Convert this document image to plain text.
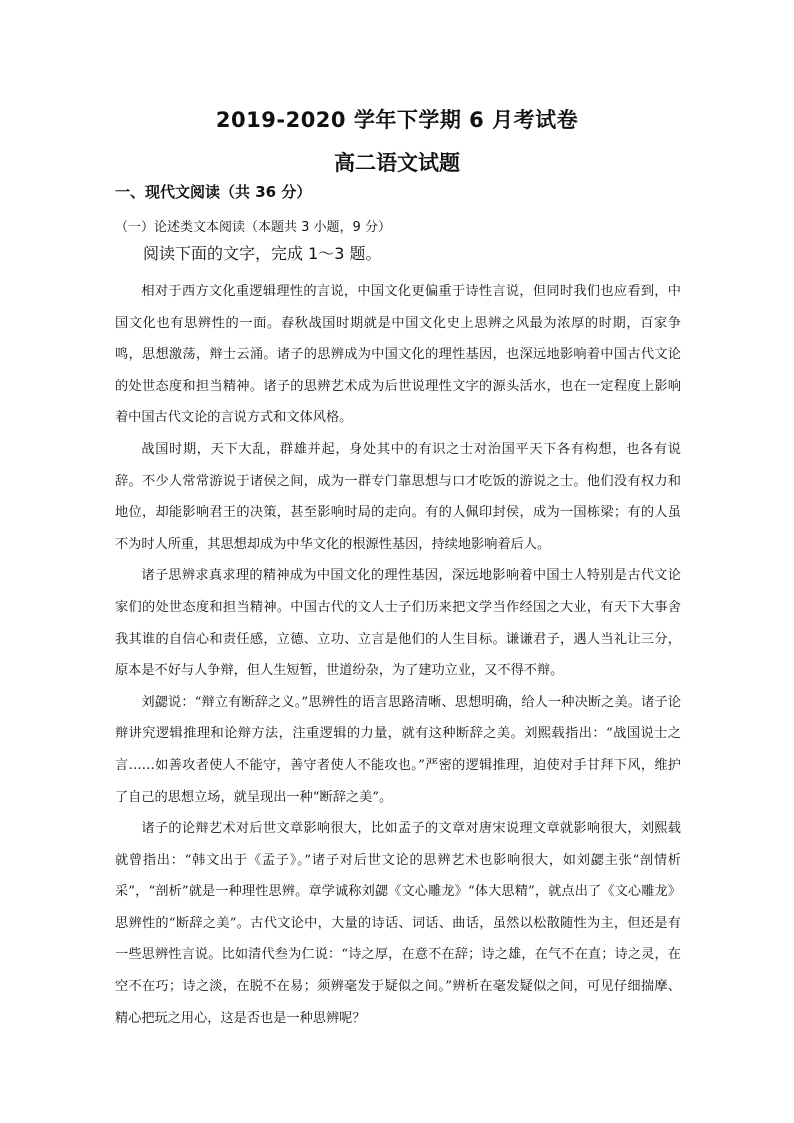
2019-2020 学年下学期 6 月考试卷
高二语文试题
一、现代文阅读（共 36 分）
（一）论述类文本阅读（本题共 3 小题，9 分）
阅读下面的文字，完成 1～3 题。

相对于西方文化重逻辑理性的言说，中国文化更偏重于诗性言说，但同时我们也应看到，中国文化也有思辨性的一面。春秋战国时期就是中国文化史上思辨之风最为浓厚的时期，百家争鸣，思想激荡，辩士云涌。诸子的思辨成为中国文化的理性基因，也深远地影响着中国古代文论的处世态度和担当精神。诸子的思辨艺术成为后世说理性文字的源头活水，也在一定程度上影响着中国古代文论的言说方式和文体风格。

战国时期，天下大乱，群雄并起，身处其中的有识之士对治国平天下各有构想，也各有说辞。不少人常常游说于诸侯之间，成为一群专门靠思想与口才吃饭的游说之士。他们没有权力和地位，却能影响君王的决策，甚至影响时局的走向。有的人佩印封侯，成为一国栋梁；有的人虽不为时人所重，其思想却成为中华文化的根源性基因，持续地影响着后人。

诸子思辨求真求理的精神成为中国文化的理性基因，深远地影响着中国士人特别是古代文论家们的处世态度和担当精神。中国古代的文人士子们历来把文学当作经国之大业，有天下大事舍我其谁的自信心和责任感，立德、立功、立言是他们的人生目标。谦谦君子，遇人当礼让三分，原本是不好与人争辩，但人生短暂，世道纷杂，为了建功立业，又不得不辩。

刘勰说：“辩立有断辞之义。”思辨性的语言思路清晰、思想明确，给人一种决断之美。诸子论辩讲究逻辑推理和论辩方法，注重逻辑的力量，就有这种断辞之美。刘熙载指出：“战国说士之言……如善攻者使人不能守，善守者使人不能攻也。”严密的逻辑推理，迫使对手甘拜下风，维护了自己的思想立场，就呈现出一种“断辞之美”。

诸子的论辩艺术对后世文章影响很大，比如孟子的文章对唐宋说理文章就影响很大，刘熙载就曾指出：“韩文出于《孟子》。”诸子对后世文论的思辨艺术也影响很大，如刘勰主张“剖情析采”，“剖析”就是一种理性思辨。章学诚称刘勰《文心雕龙》“体大思精”，就点出了《文心雕龙》思辨性的“断辞之美”。古代文论中，大量的诗话、词话、曲话，虽然以松散随性为主，但还是有一些思辨性言说。比如清代叁为仁说：“诗之厚，在意不在辞；诗之雄，在气不在直；诗之灵，在空不在巧；诗之淡，在脱不在易；须辨毫发于疑似之间。”辨析在毫发疑似之间，可见仔细揣摩、精心把玩之用心，这是否也是一种思辨呢？
